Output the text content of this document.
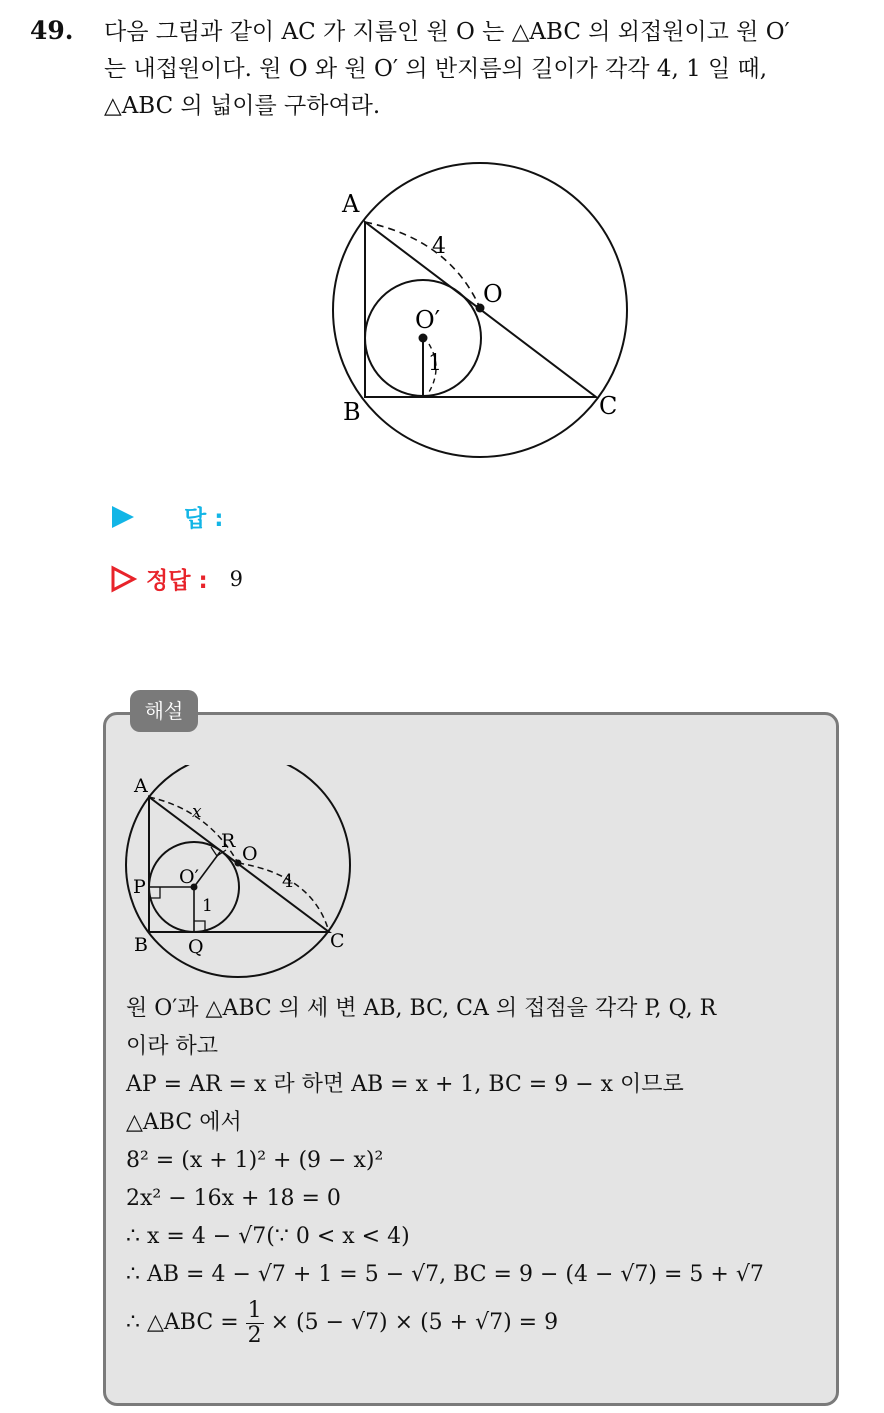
49. 다음 그림과 같이 AC 가 지름인 원 O 는 △ABC 의 외접원이고 원 O′

는 내접원이다. 원 O 와 원 O′ 의 반지름의 길이가 각각 4, 1 일 때,

△ABC 의 넓이를 구하여라.

A
B	C
O
O′
4
1
답 :
정답 : 9
해설
A
B	C
O
R
O′
P
Q
x
4
1

원 O′과 △ABC 의 세 변 AB, BC, CA 의 접점을 각각 P, Q, R

이라 하고

AP = AR = x 라 하면 AB = x + 1, BC = 9 − x 이므로

△ABC 에서

8² = (x + 1)² + (9 − x)²

2x² − 16x + 18 = 0

∴ x = 4 − √7(∵ 0 < x < 4)

∴ AB = 4 − √7 + 1 = 5 − √7, BC = 9 − (4 − √7) = 5 + √7

∴ △ABC = $\frac{1}{2} \times (5 - √7) \times (5 + √7) = 9$
